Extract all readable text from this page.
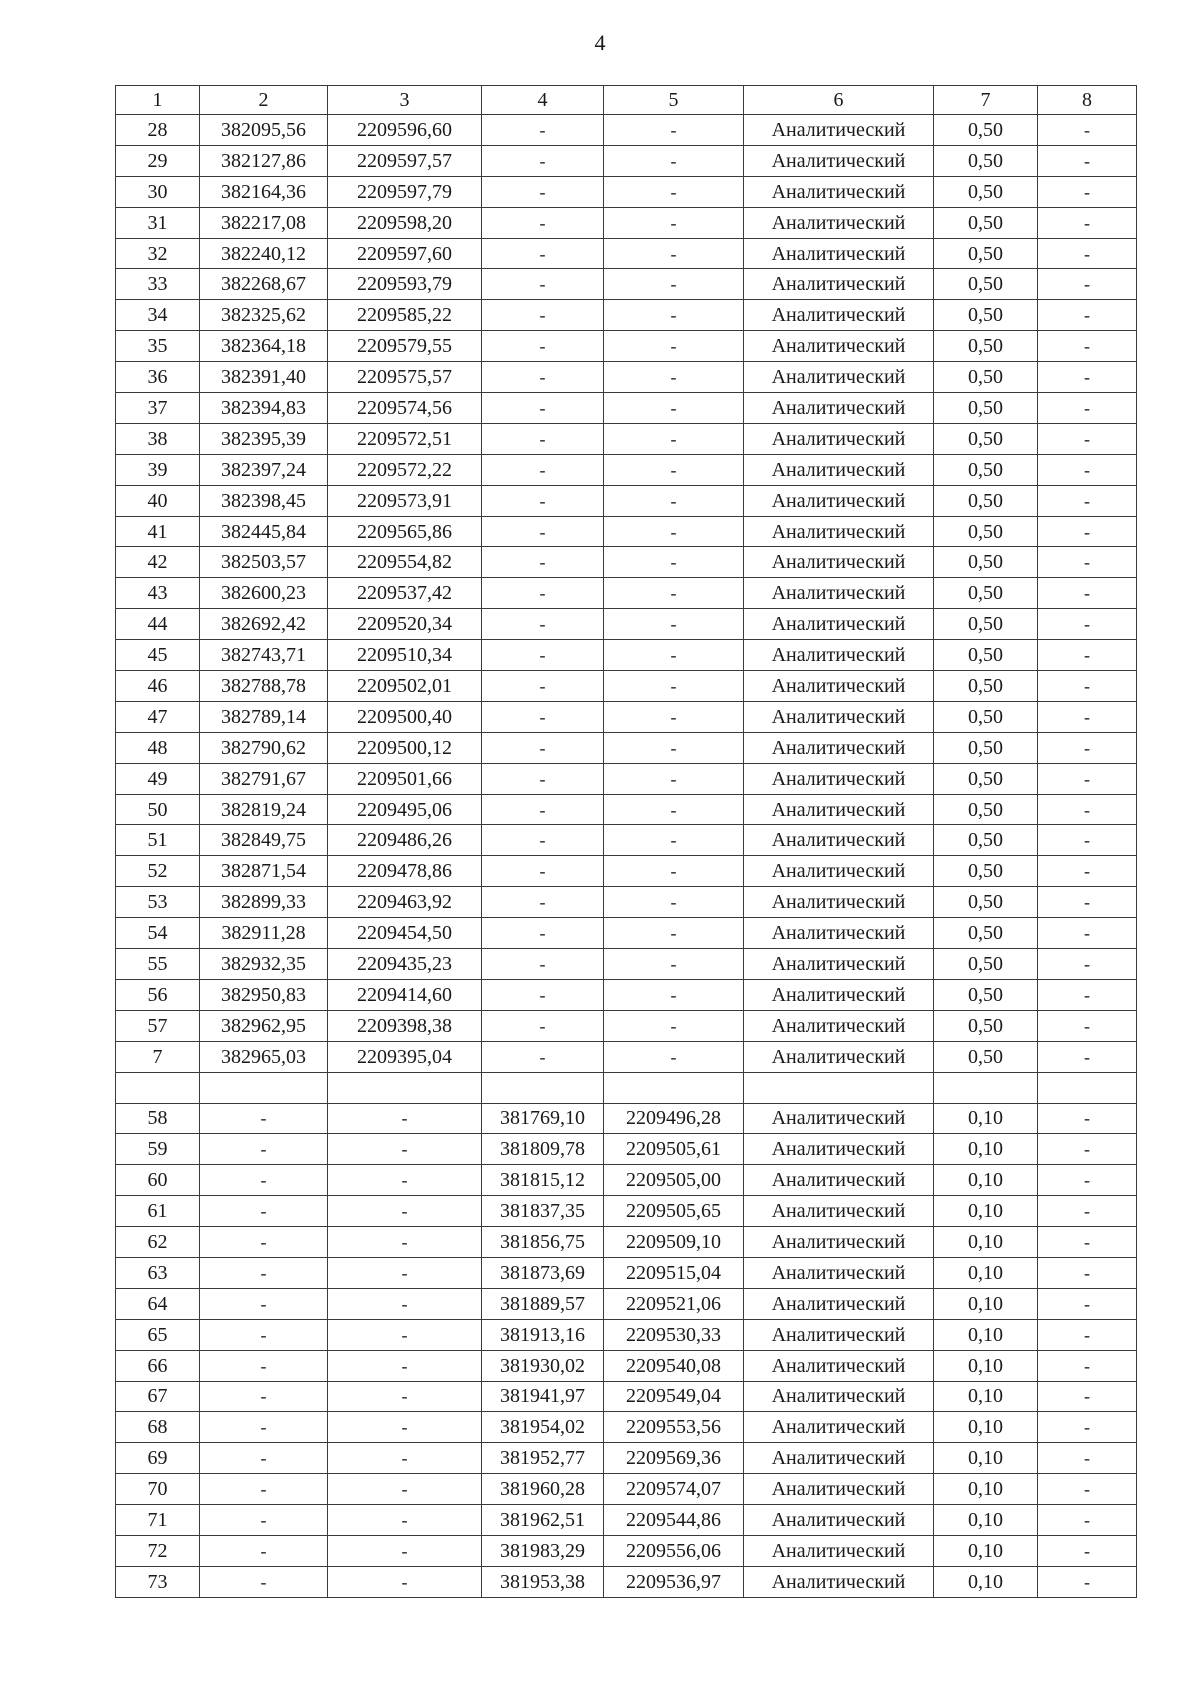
4
1	2	3	4	5	6	7	8
28	382095,56	2209596,60	-	-	Аналитический	0,50	-
29	382127,86	2209597,57	-	-	Аналитический	0,50	-
30	382164,36	2209597,79	-	-	Аналитический	0,50	-
31	382217,08	2209598,20	-	-	Аналитический	0,50	-
32	382240,12	2209597,60	-	-	Аналитический	0,50	-
33	382268,67	2209593,79	-	-	Аналитический	0,50	-
34	382325,62	2209585,22	-	-	Аналитический	0,50	-
35	382364,18	2209579,55	-	-	Аналитический	0,50	-
36	382391,40	2209575,57	-	-	Аналитический	0,50	-
37	382394,83	2209574,56	-	-	Аналитический	0,50	-
38	382395,39	2209572,51	-	-	Аналитический	0,50	-
39	382397,24	2209572,22	-	-	Аналитический	0,50	-
40	382398,45	2209573,91	-	-	Аналитический	0,50	-
41	382445,84	2209565,86	-	-	Аналитический	0,50	-
42	382503,57	2209554,82	-	-	Аналитический	0,50	-
43	382600,23	2209537,42	-	-	Аналитический	0,50	-
44	382692,42	2209520,34	-	-	Аналитический	0,50	-
45	382743,71	2209510,34	-	-	Аналитический	0,50	-
46	382788,78	2209502,01	-	-	Аналитический	0,50	-
47	382789,14	2209500,40	-	-	Аналитический	0,50	-
48	382790,62	2209500,12	-	-	Аналитический	0,50	-
49	382791,67	2209501,66	-	-	Аналитический	0,50	-
50	382819,24	2209495,06	-	-	Аналитический	0,50	-
51	382849,75	2209486,26	-	-	Аналитический	0,50	-
52	382871,54	2209478,86	-	-	Аналитический	0,50	-
53	382899,33	2209463,92	-	-	Аналитический	0,50	-
54	382911,28	2209454,50	-	-	Аналитический	0,50	-
55	382932,35	2209435,23	-	-	Аналитический	0,50	-
56	382950,83	2209414,60	-	-	Аналитический	0,50	-
57	382962,95	2209398,38	-	-	Аналитический	0,50	-
7	382965,03	2209395,04	-	-	Аналитический	0,50	-

58	-	-	381769,10	2209496,28	Аналитический	0,10	-
59	-	-	381809,78	2209505,61	Аналитический	0,10	-
60	-	-	381815,12	2209505,00	Аналитический	0,10	-
61	-	-	381837,35	2209505,65	Аналитический	0,10	-
62	-	-	381856,75	2209509,10	Аналитический	0,10	-
63	-	-	381873,69	2209515,04	Аналитический	0,10	-
64	-	-	381889,57	2209521,06	Аналитический	0,10	-
65	-	-	381913,16	2209530,33	Аналитический	0,10	-
66	-	-	381930,02	2209540,08	Аналитический	0,10	-
67	-	-	381941,97	2209549,04	Аналитический	0,10	-
68	-	-	381954,02	2209553,56	Аналитический	0,10	-
69	-	-	381952,77	2209569,36	Аналитический	0,10	-
70	-	-	381960,28	2209574,07	Аналитический	0,10	-
71	-	-	381962,51	2209544,86	Аналитический	0,10	-
72	-	-	381983,29	2209556,06	Аналитический	0,10	-
73	-	-	381953,38	2209536,97	Аналитический	0,10	-
